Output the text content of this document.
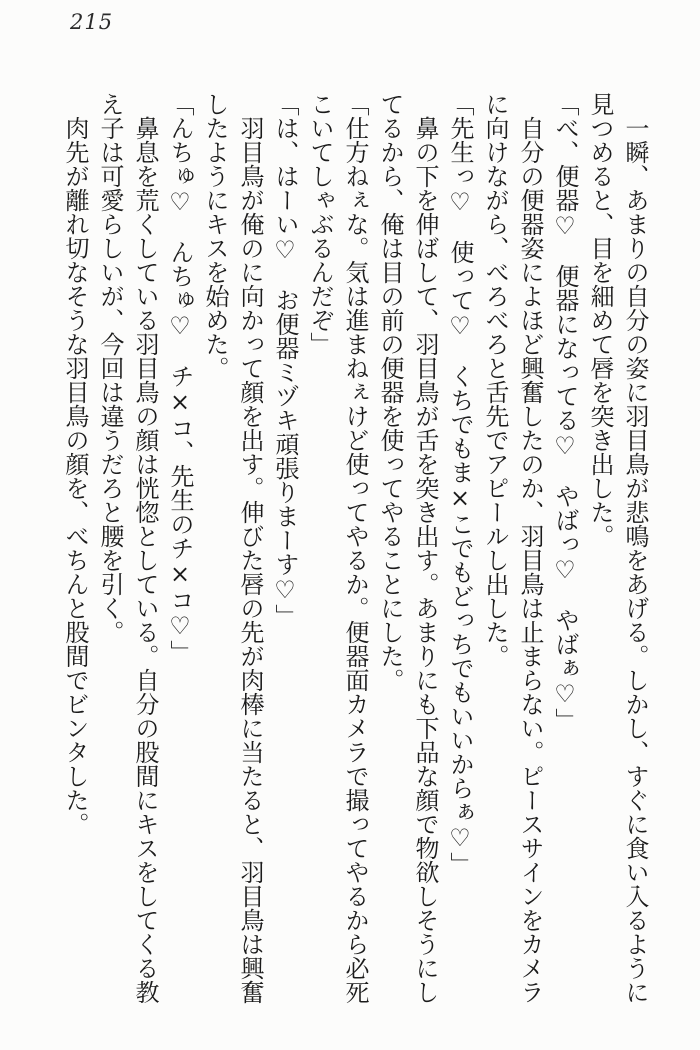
215

一瞬、あまりの自分の姿に羽目鳥が悲鳴をあげる。しかし、すぐに食い入るように見つめると、目を細めて唇を突き出した。

「べ、便器♡　便器になってる♡　やばっ♡　やばぁ♡」

自分の便器姿によほど興奮したのか、羽目鳥は止まらない。ピースサインをカメラに向けながら、べろべろと舌先でアピールし出した。

「先生っ♡　使って♡　くちでもま×こでもどっちでもいいからぁ♡」

鼻の下を伸ばして、羽目鳥が舌を突き出す。あまりにも下品な顔で物欲しそうにしてるから、俺は目の前の便器を使ってやることにした。

「仕方ねぇな。気は進まねぇけど使ってやるか。便器面カメラで撮ってやるから必死こいてしゃぶるんだぞ」

「は、はーい♡　お便器ミヅキ頑張りまーす♡」

羽目鳥が俺のに向かって顔を出す。伸びた唇の先が肉棒に当たると、羽目鳥は興奮したようにキスを始めた。

「んちゅ♡　んちゅ♡　チ×コ、先生のチ×コ♡」

鼻息を荒くしている羽目鳥の顔は恍惚としている。自分の股間にキスをしてくる教え子は可愛らしいが、今回は違うだろと腰を引く。

肉先が離れ切なそうな羽目鳥の顔を、べちんと股間でビンタした。
